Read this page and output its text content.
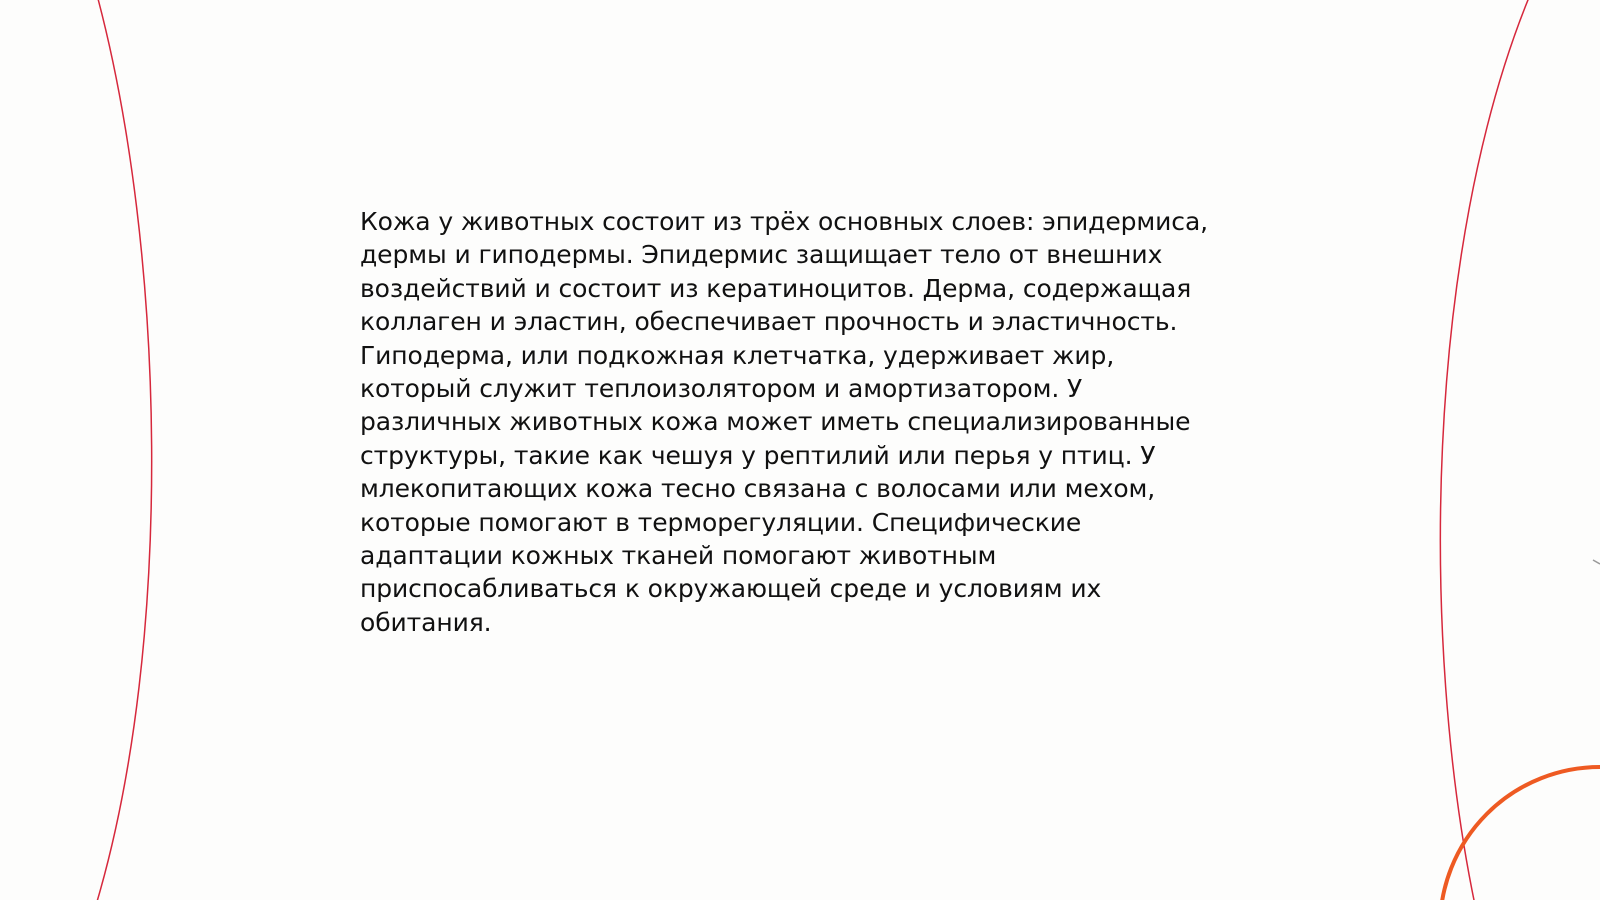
Кожа у животных состоит из трёх основных слоев: эпидермиса,
дермы и гиподермы. Эпидермис защищает тело от внешних
воздействий и состоит из кератиноцитов. Дерма, содержащая
коллаген и эластин, обеспечивает прочность и эластичность.
Гиподерма, или подкожная клетчатка, удерживает жир,
который служит теплоизолятором и амортизатором. У
различных животных кожа может иметь специализированные
структуры, такие как чешуя у рептилий или перья у птиц. У
млекопитающих кожа тесно связана с волосами или мехом,
которые помогают в терморегуляции. Специфические
адаптации кожных тканей помогают животным
приспосабливаться к окружающей среде и условиям их
обитания.
